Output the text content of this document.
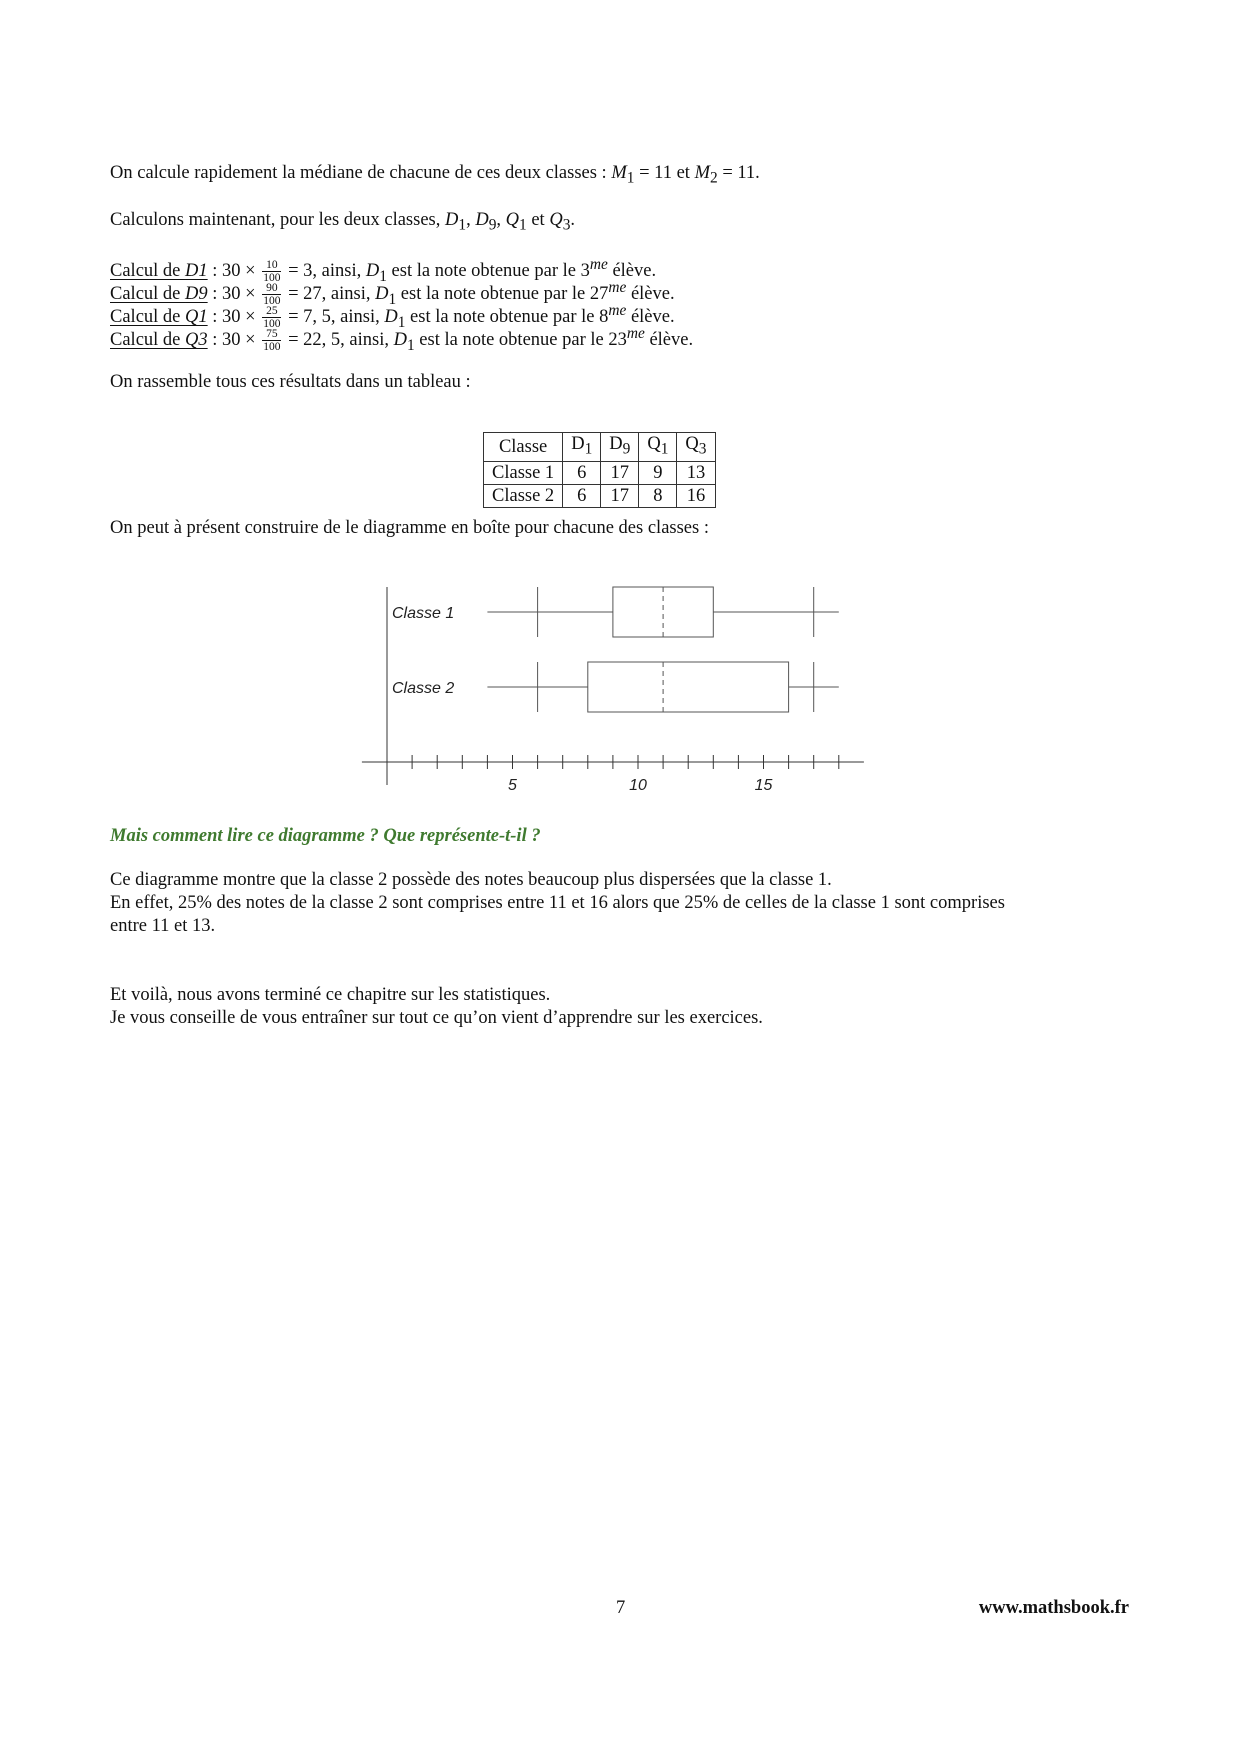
On calcule rapidement la médiane de chacune de ces deux classes : $M_1 = 11$ et $M_2 = 11$.
Calculons maintenant, pour les deux classes, $D_1$, $D_9$, $Q_1$ et $Q_3$.
Calcul de D1 : $30 \times \frac{10}{100} = 3$, ainsi, $D_1$ est la note obtenue par le $3^{me}$ élève.
Calcul de D9 : $30 \times \frac{90}{100} = 27$, ainsi, $D_1$ est la note obtenue par le $27^{me}$ élève.
Calcul de Q1 : $30 \times \frac{25}{100} = 7$, 5, ainsi, $D_1$ est la note obtenue par le $8^{me}$ élève.
Calcul de Q3 : $30 \times \frac{75}{100} = 22$, 5, ainsi, $D_1$ est la note obtenue par le $23^{me}$ élève.
On rassemble tous ces résultats dans un tableau :
Classe	$D_1$	$D_9$	$Q_1$	$Q_3$
Classe 1	6	17	9	13
Classe 2	6	17	8	16
On peut à présent construire de le diagramme en boîte pour chacune des classes :
5	10	15
Classe 1
Classe 2
Mais comment lire ce diagramme ? Que représente-t-il ?
Ce diagramme montre que la classe 2 possède des notes beaucoup plus dispersées que la classe 1.
En effet, 25% des notes de la classe 2 sont comprises entre 11 et 16 alors que 25% de celles de la classe 1 sont comprises
entre 11 et 13.
Et voilà, nous avons terminé ce chapitre sur les statistiques.
Je vous conseille de vous entraîner sur tout ce qu’on vient d’apprendre sur les exercices.
7	www.mathsbook.fr
